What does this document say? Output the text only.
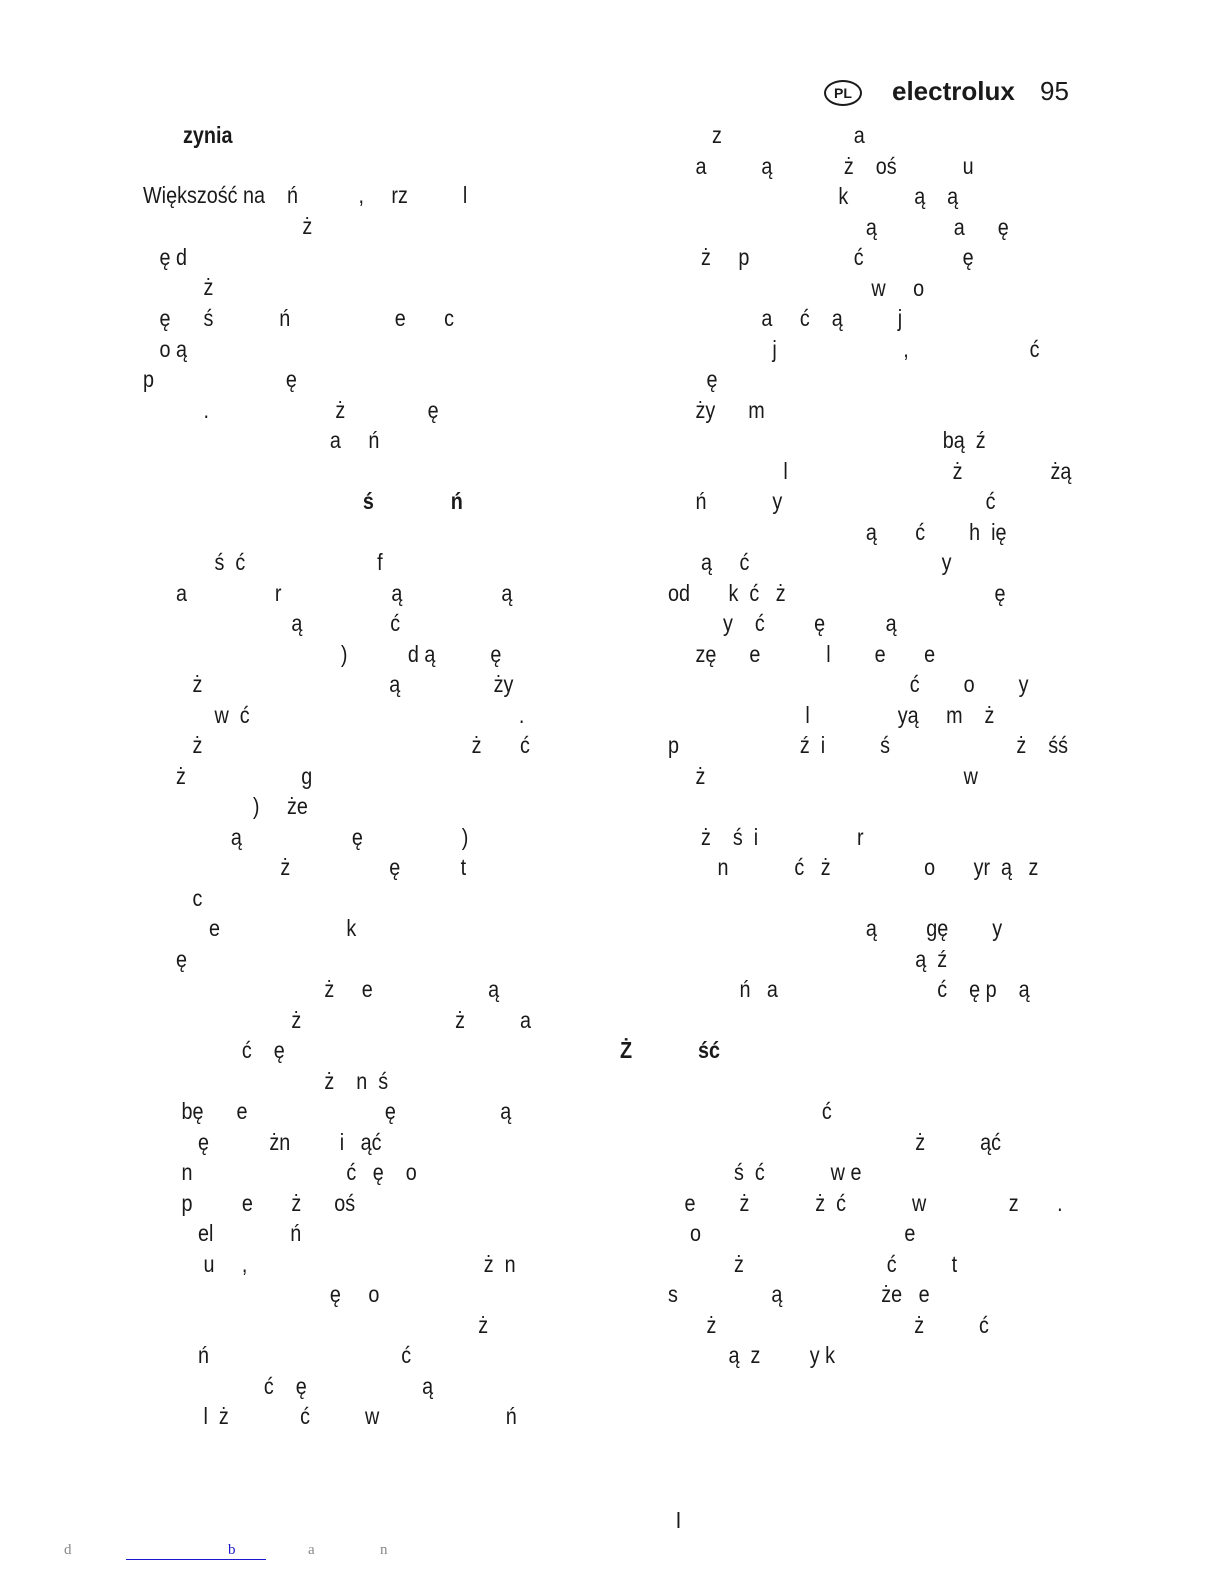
PL	electrolux 95
zynia
Większość na    ń           ,     rz          l
ż
ę d
ż
ę      ś            ń                   e       c
o ą
p                        ę
.                       ż               ę
a     ń
ś              ń
ś  ć                        f
a                r                    ą                  ą
ą                ć
)           d ą          ę
ż                                  ą                 ży
w  ć                                                 .
ż                                                 ż       ć
ż                     g
)     że
ą                    ę                  )
ż                  ę           t
c
e                       k
ę
ż     e                     ą
ż                            ż          a
ć    ę
ż    n  ś
bę      e                         ę                   ą
ę           żn         i   ąć
n                            ć   ę    o
p         e       ż      oś
el              ń
u     ,                                           ż  n
ę     o
ż
ń                                   ć
ć    ę                     ą
l  ż             ć          w                       ń
z                        a
a          ą             ż    oś            u
k            ą    ą
ą              a      ę
ż     p                   ć                  ę
w     o
a     ć    ą          j
j                       ,                      ć
ę
ży      m
bą  ź
l                              ż                żą
ń            y                                     ć
ą       ć        h  ię
ą     ć                                   y
od       k  ć   ż                                      ę
y    ć         ę           ą
zę      e            l        e       e
ć        o        y
l                yą     m    ż
p                      ź  i          ś                       ż    śś
ż                                               w
ż    ś  i                  r
n            ć   ż                 o       yr  ą   z
ą         gę        y
ą  ź
ń   a                             ć    ę p    ą
Ż            ść
ć
ż          ąć
ś  ć            w e
e        ż            ż  ć            w               z       .
o                                     e
ż                          ć          t
s                 ą                  że   e
ż                                    ż          ć
ą  z         y k
l
d	b	a	n
